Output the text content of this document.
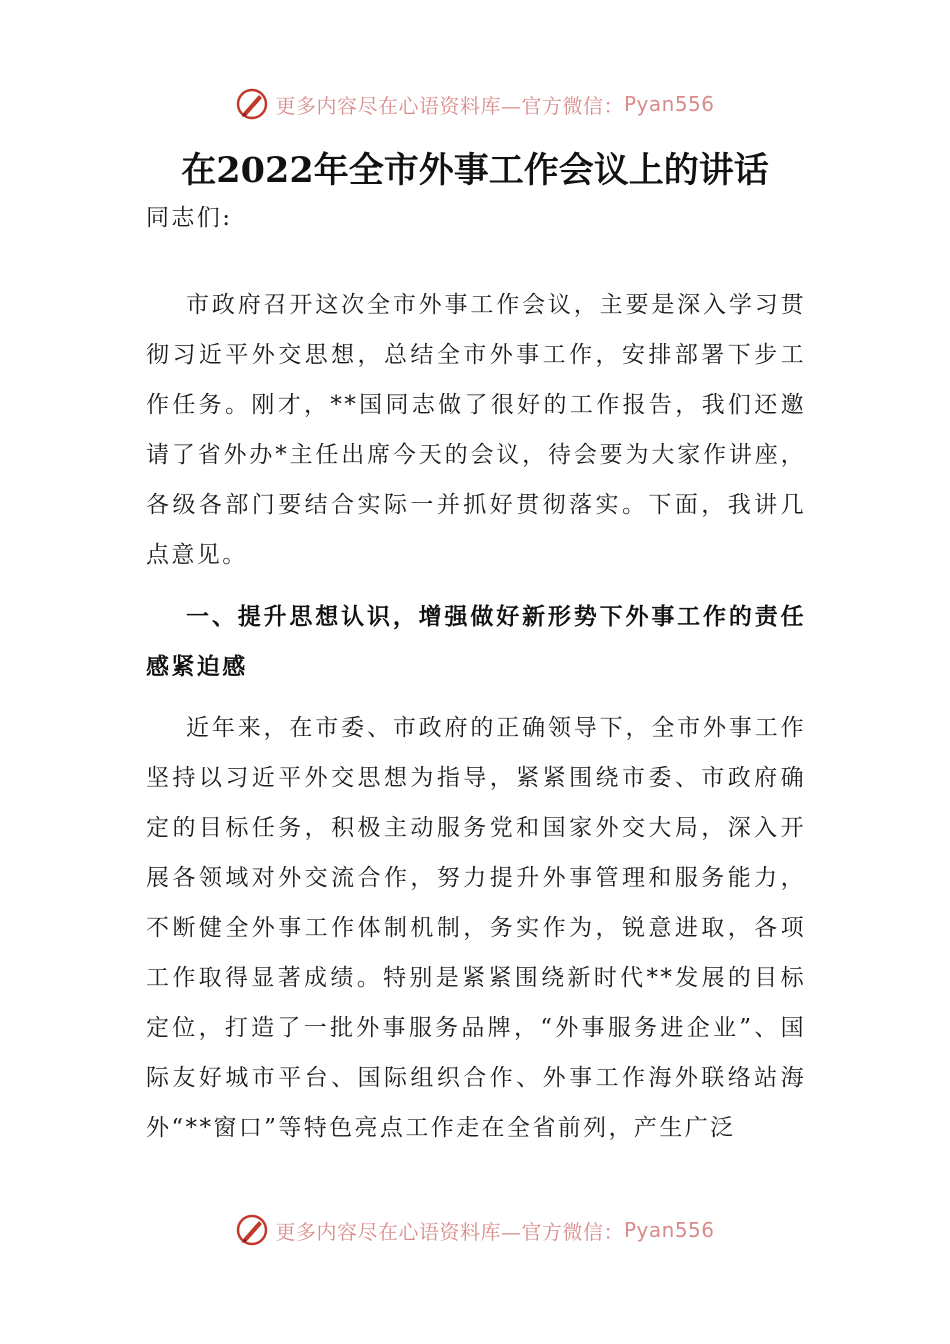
更多内容尽在心语资料库—官方微信： Pyan556
在2022年全市外事工作会议上的讲话

同志们:

市政府召开这次全市外事工作会议，主要是深入学习贯彻习近平外交思想，总结全市外事工作，安排部署下步工作任务。刚才，**国同志做了很好的工作报告，我们还邀请了省外办*主任出席今天的会议，待会要为大家作讲座，各级各部门要结合实际一并抓好贯彻落实。下面，我讲几点意见。

一、提升思想认识，增强做好新形势下外事工作的责任感紧迫感

近年来，在市委、市政府的正确领导下，全市外事工作坚持以习近平外交思想为指导，紧紧围绕市委、市政府确定的目标任务，积极主动服务党和国家外交大局，深入开展各领域对外交流合作，努力提升外事管理和服务能力，不断健全外事工作体制机制，务实作为，锐意进取，各项工作取得显著成绩。特别是紧紧围绕新时代**发展的目标定位，打造了一批外事服务品牌，“外事服务进企业”、国际友好城市平台、国际组织合作、外事工作海外联络站海外“**窗口”等特色亮点工作走在全省前列，产生广泛

更多内容尽在心语资料库—官方微信： Pyan556
